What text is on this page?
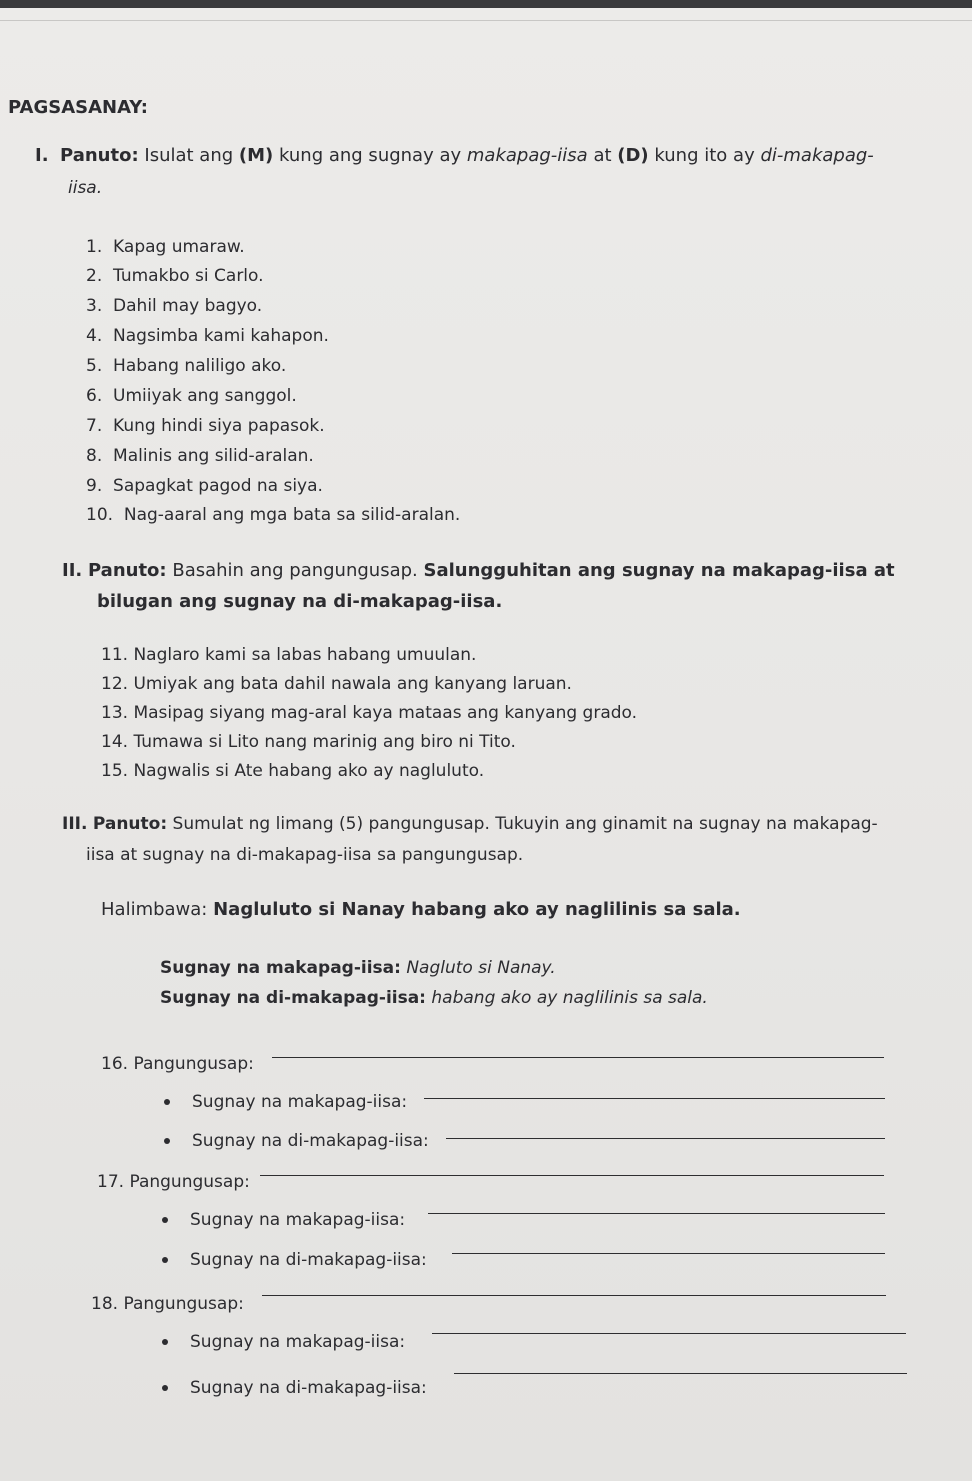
PAGSASANAY:
I. Panuto: Isulat ang (M) kung ang sugnay ay makapag-iisa at (D) kung ito ay di-makapag-
iisa.
1. Kapag umaraw.
2. Tumakbo si Carlo.
3. Dahil may bagyo.
4. Nagsimba kami kahapon.
5. Habang naliligo ako.
6. Umiiyak ang sanggol.
7. Kung hindi siya papasok.
8. Malinis ang silid-aralan.
9. Sapagkat pagod na siya.
10. Nag-aaral ang mga bata sa silid-aralan.
II. Panuto: Basahin ang pangungusap. Salungguhitan ang sugnay na makapag-iisa at
bilugan ang sugnay na di-makapag-iisa.
11. Naglaro kami sa labas habang umuulan.
12. Umiyak ang bata dahil nawala ang kanyang laruan.
13. Masipag siyang mag-aral kaya mataas ang kanyang grado.
14. Tumawa si Lito nang marinig ang biro ni Tito.
15. Nagwalis si Ate habang ako ay nagluluto.
III. Panuto: Sumulat ng limang (5) pangungusap. Tukuyin ang ginamit na sugnay na makapag-
iisa at sugnay na di-makapag-iisa sa pangungusap.
Halimbawa: Nagluluto si Nanay habang ako ay naglilinis sa sala.
Sugnay na makapag-iisa: Nagluto si Nanay.
Sugnay na di-makapag-iisa: habang ako ay naglilinis sa sala.
16. Pangungusap:
Sugnay na makapag-iisa:
Sugnay na di-makapag-iisa:
17. Pangungusap:
Sugnay na makapag-iisa:
Sugnay na di-makapag-iisa:
18. Pangungusap:
Sugnay na makapag-iisa:
Sugnay na di-makapag-iisa:
